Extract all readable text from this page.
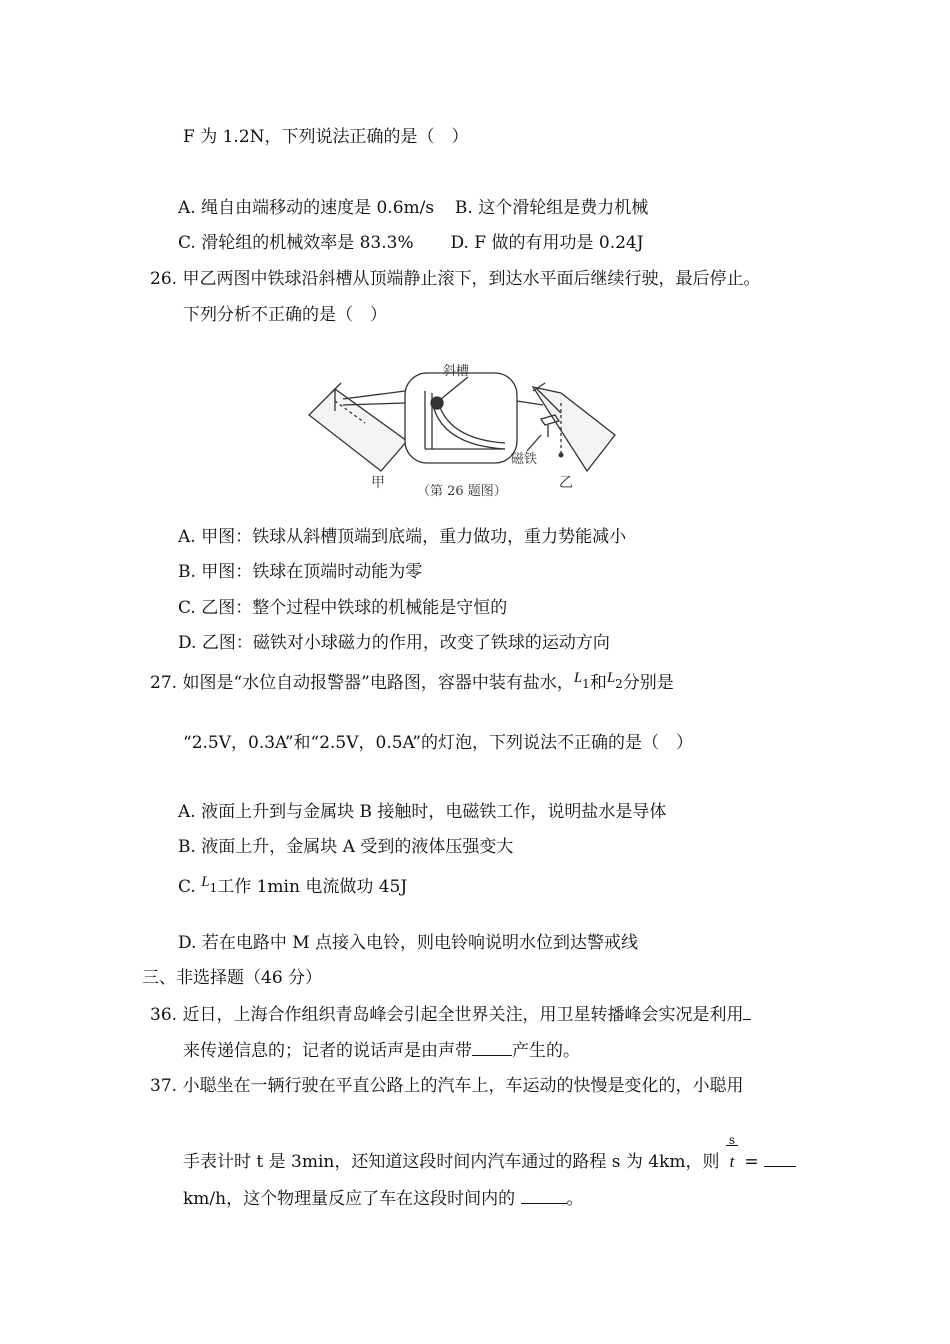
F 为 1.2N，下列说法正确的是（　）
A. 绳自由端移动的速度是 0.6m/s B. 这个滑轮组是费力机械
C. 滑轮组的机械效率是 83.3% D. F 做的有用功是 0.24J
26. 甲乙两图中铁球沿斜槽从顶端静止滚下，到达水平面后继续行驶，最后停止。
下列分析不正确的是（　）
斜槽
磁铁
甲	乙
（第 26 题图）
A. 甲图：铁球从斜槽顶端到底端，重力做功，重力势能减小
B. 甲图：铁球在顶端时动能为零
C. 乙图：整个过程中铁球的机械能是守恒的
D. 乙图：磁铁对小球磁力的作用，改变了铁球的运动方向
27. 如图是“水位自动报警器”电路图，容器中装有盐水，L1和L2分别是
“2.5V，0.3A”和“2.5V，0.5A”的灯泡，下列说法不正确的是（　）
A. 液面上升到与金属块 B 接触时，电磁铁工作，说明盐水是导体
B. 液面上升，金属块 A 受到的液体压强变大
C. L1工作 1min 电流做功 45J
D. 若在电路中 M 点接入电铃，则电铃响说明水位到达警戒线
三、非选择题（46 分）
36. 近日，上海合作组织青岛峰会引起全世界关注，用卫星转播峰会实况是利用
来传递信息的；记者的说话声是由声带 产生的。
37. 小聪坐在一辆行驶在平直公路上的汽车上，车运动的快慢是变化的，小聪用
手表计时 t 是 3min，还知道这段时间内汽车通过的路程 s 为 4km，则 $\frac{s}{t}$ =
km/h，这个物理量反应了车在这段时间内的	。
